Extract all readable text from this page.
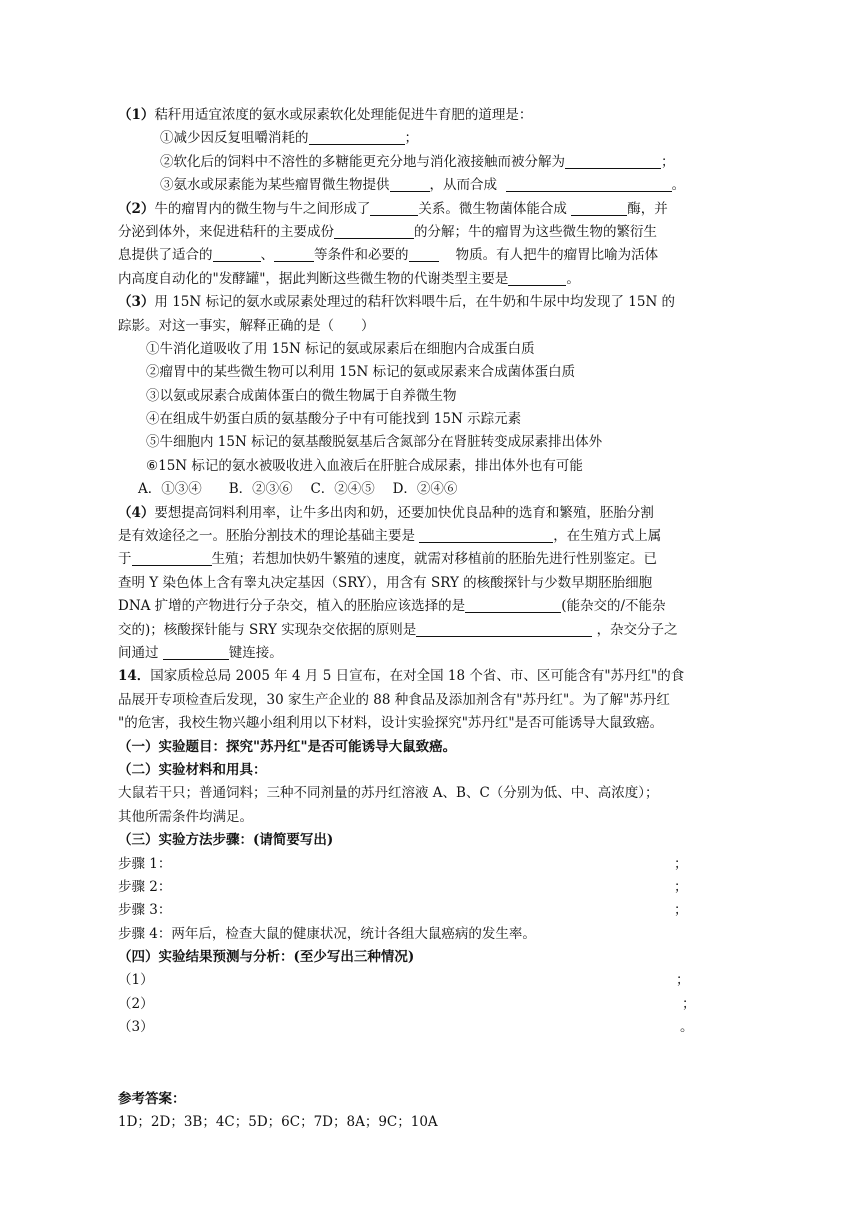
（1）秸秆用适宜浓度的氨水或尿素软化处理能促进牛育肥的道理是：
①减少因反复咀嚼消耗的	；
②软化后的饲料中不溶性的多糖能更充分地与消化液接触而被分解为	；
③氨水或尿素能为某些瘤胃微生物提供	，从而合成	。
（2）牛的瘤胃内的微生物与牛之间形成了	关系。微生物菌体能合成	酶，并
分泌到体外，来促进秸秆的主要成份	的分解；牛的瘤胃为这些微生物的繁衍生
息提供了适合的	、	等条件和必要的	物质。有人把牛的瘤胃比喻为活体
内高度自动化的"发酵罐"，据此判断这些微生物的代谢类型主要是	。
（3）用 15N 标记的氨水或尿素处理过的秸秆饮料喂牛后，在牛奶和牛尿中均发现了 15N 的
踪影。对这一事实，解释正确的是（　　）
①牛消化道吸收了用 15N 标记的氨或尿素后在细胞内合成蛋白质
②瘤胃中的某些微生物可以利用 15N 标记的氨或尿素来合成菌体蛋白质
③以氨或尿素合成菌体蛋白的微生物属于自养微生物
④在组成牛奶蛋白质的氨基酸分子中有可能找到 15N 示踪元素
⑤牛细胞内 15N 标记的氨基酸脱氨基后含氮部分在肾脏转变成尿素排出体外
⑥15N 标记的氨水被吸收进入血液后在肝脏合成尿素，排出体外也有可能
A．①③④　　B．②③⑥　 C．②④⑤　 D．②④⑥
（4）要想提高饲料利用率，让牛多出肉和奶，还要加快优良品种的选育和繁殖，胚胎分割
是有效途径之一。胚胎分割技术的理论基础主要是	，在生殖方式上属
于	生殖；若想加快奶牛繁殖的速度，就需对移植前的胚胎先进行性别鉴定。已
查明 Y 染色体上含有睾丸决定基因（SRY），用含有 SRY 的核酸探针与少数早期胚胎细胞
DNA 扩增的产物进行分子杂交，植入的胚胎应该选择的是	(能杂交的/不能杂
交的)；核酸探针能与 SRY 实现杂交依据的原则是	，杂交分子之
间通过	键连接。
14．国家质检总局 2005 年 4 月 5 日宣布，在对全国 18 个省、市、区可能含有"苏丹红"的食
品展开专项检查后发现，30 家生产企业的 88 种食品及添加剂含有"苏丹红"。为了解"苏丹红
"的危害，我校生物兴趣小组利用以下材料，设计实验探究"苏丹红"是否可能诱导大鼠致癌。
（一）实验题目：探究"苏丹红"是否可能诱导大鼠致癌。
（二）实验材料和用具：
大鼠若干只；普通饲料；三种不同剂量的苏丹红溶液 A、B、C（分别为低、中、高浓度）；
其他所需条件均满足。
（三）实验方法步骤：(请简要写出)
步骤 1：	；
步骤 2：	；
步骤 3：	；
步骤 4：两年后，检查大鼠的健康状况，统计各组大鼠癌病的发生率。
（四）实验结果预测与分析：(至少写出三种情况)
（1）	；
（2）	；
（3）	。
参考答案：
1D；2D；3B；4C；5D；6C；7D；8A；9C；10A
